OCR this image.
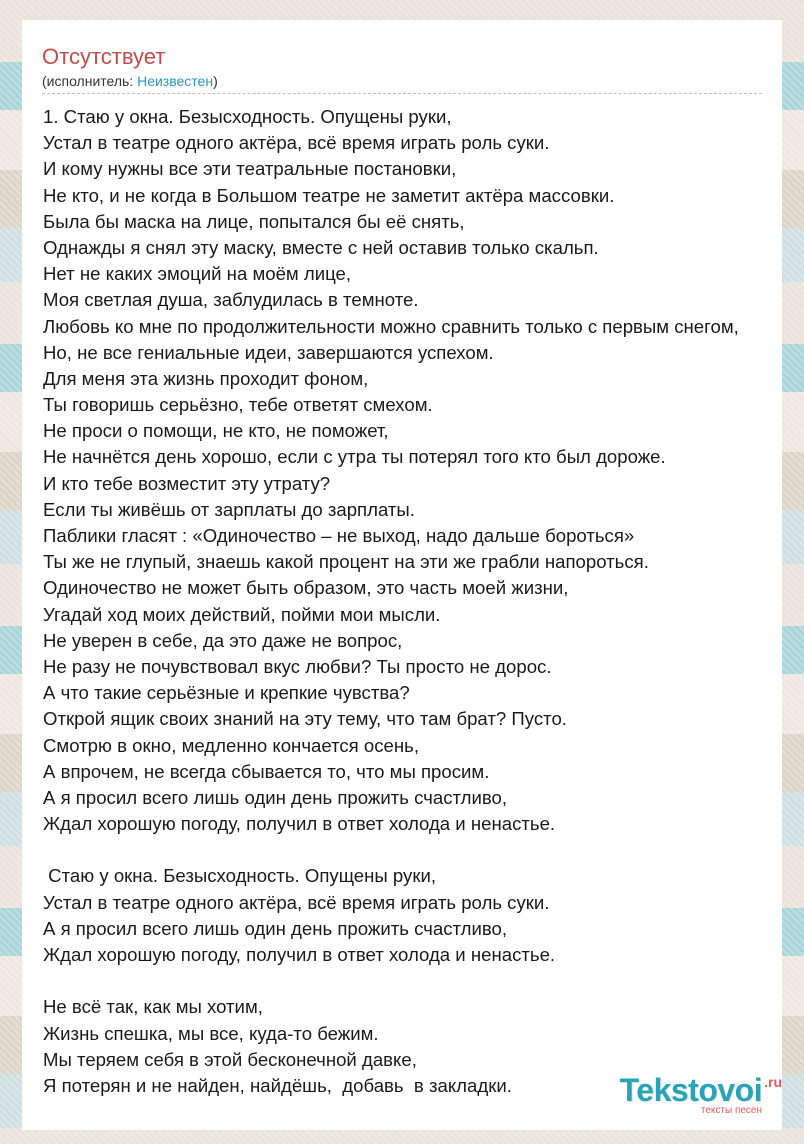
Отсутствует
(исполнитель: Неизвестен)
1. Стаю у окна. Безысходность. Опущены руки,
Устал в театре одного актёра, всё время играть роль суки.
И кому нужны все эти театральные постановки,
Не кто, и не когда в Большом театре не заметит актёра массовки.
Была бы маска на лице, попытался бы её снять,
Однажды я снял эту маску, вместе с ней оставив только скальп.
Нет не каких эмоций на моём лице,
Моя светлая душа, заблудилась в темноте.
Любовь ко мне по продолжительности можно сравнить только с первым снегом,
Но, не все гениальные идеи, завершаются успехом.
Для меня эта жизнь проходит фоном,
Ты говоришь серьёзно, тебе ответят смехом.
Не проси о помощи, не кто, не поможет,
Не начнётся день хорошо, если с утра ты потерял того кто был дороже.
И кто тебе возместит эту утрату?
Если ты живёшь от зарплаты до зарплаты.
Паблики гласят : «Одиночество – не выход, надо дальше бороться»
Ты же не глупый, знаешь какой процент на эти же грабли напороться.
Одиночество не может быть образом, это часть моей жизни,
Угадай ход моих действий, пойми мои мысли.
Не уверен в себе, да это даже не вопрос,
Не разу не почувствовал вкус любви? Ты просто не дорос.
А что такие серьёзные и крепкие чувства?
Открой ящик своих знаний на эту тему, что там брат? Пусто.
Смотрю в окно, медленно кончается осень,
А впрочем, не всегда сбывается то, что мы просим.
А я просил всего лишь один день прожить счастливо,
Ждал хорошую погоду, получил в ответ холода и ненастье.
Стаю у окна. Безысходность. Опущены руки,
Устал в театре одного актёра, всё время играть роль суки.
А я просил всего лишь один день прожить счастливо,
Ждал хорошую погоду, получил в ответ холода и ненастье.
Не всё так, как мы хотим,
Жизнь спешка, мы все, куда-то бежим.
Мы теряем себя в этой бесконечной давке,
Я потерян и не найден, найдёшь,  добавь  в закладки.	Tekstovoi .ru
тексты песен
